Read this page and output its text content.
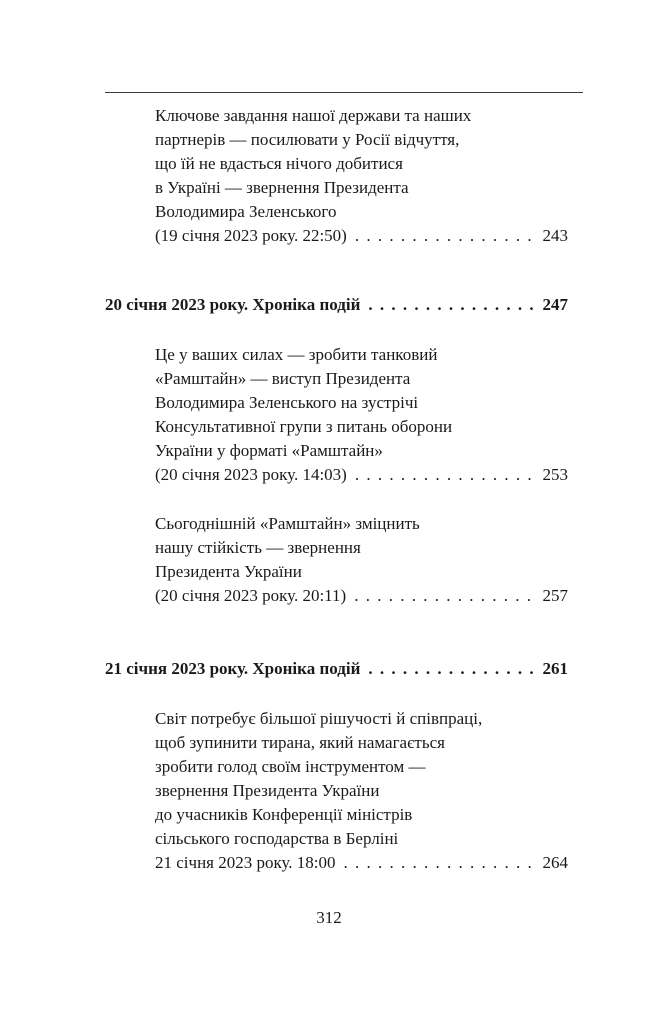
Ключове завдання нашої держави та наших
партнерів — посилювати у Росії відчуття,
що їй не вдасться нічого добитися
в Україні — звернення Президента
Володимира Зеленського
(19 січня 2023 року. 22:50) . . .	243
20 січня 2023 року. Хроніка подій . . .	247
Це у ваших силах — зробити танковий
«Рамштайн» — виступ Президента
Володимира Зеленського на зустрічі
Консультативної групи з питань оборони
України у форматі «Рамштайн»
(20 січня 2023 року. 14:03) . . .	253
Сьогоднішній «Рамштайн» зміцнить
нашу стійкість — звернення
Президента України
(20 січня 2023 року. 20:11) . . .	257
21 січня 2023 року. Хроніка подій . . .	261
Світ потребує більшої рішучості й співпраці,
щоб зупинити тирана, який намагається
зробити голод своїм інструментом —
звернення Президента України
до учасників Конференції міністрів
сільського господарства в Берліні
21 січня 2023 року. 18:00 . . .	264
312
